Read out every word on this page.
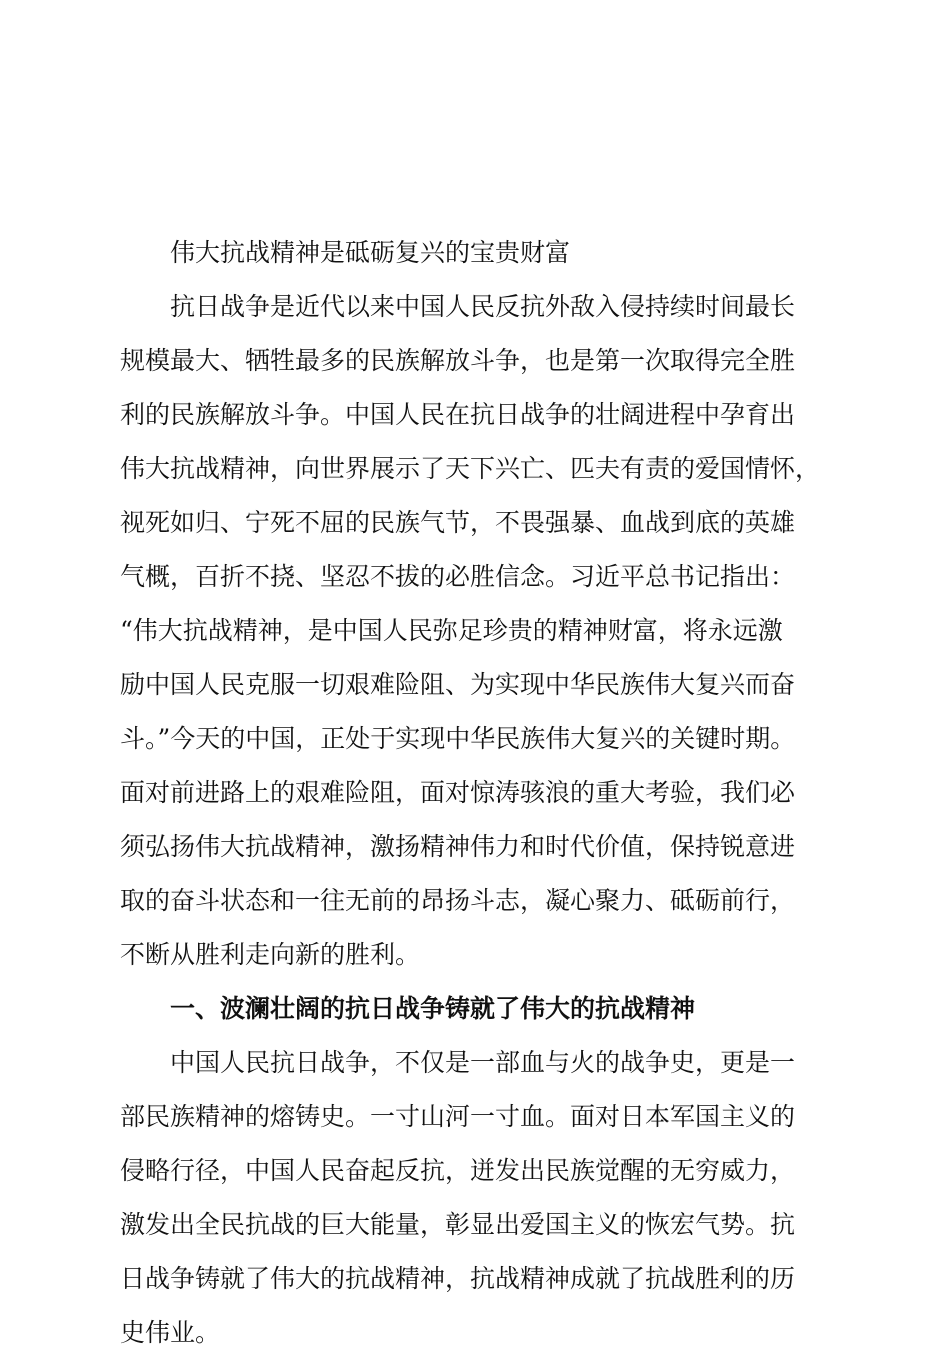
伟大抗战精神是砥砺复兴的宝贵财富
抗日战争是近代以来中国人民反抗外敌入侵持续时间最长
规模最大、牺牲最多的民族解放斗争，也是第一次取得完全胜
利的民族解放斗争。中国人民在抗日战争的壮阔进程中孕育出
伟大抗战精神，向世界展示了天下兴亡、匹夫有责的爱国情怀，
视死如归、宁死不屈的民族气节，不畏强暴、血战到底的英雄
气概，百折不挠、坚忍不拔的必胜信念。习近平总书记指出：
“伟大抗战精神，是中国人民弥足珍贵的精神财富，将永远激
励中国人民克服一切艰难险阻、为实现中华民族伟大复兴而奋
斗。”今天的中国，正处于实现中华民族伟大复兴的关键时期。
面对前进路上的艰难险阻，面对惊涛骇浪的重大考验，我们必
须弘扬伟大抗战精神，激扬精神伟力和时代价值，保持锐意进
取的奋斗状态和一往无前的昂扬斗志，凝心聚力、砥砺前行，
不断从胜利走向新的胜利。
一、波澜壮阔的抗日战争铸就了伟大的抗战精神
中国人民抗日战争，不仅是一部血与火的战争史，更是一
部民族精神的熔铸史。一寸山河一寸血。面对日本军国主义的
侵略行径，中国人民奋起反抗，迸发出民族觉醒的无穷威力，
激发出全民抗战的巨大能量，彰显出爱国主义的恢宏气势。抗
日战争铸就了伟大的抗战精神，抗战精神成就了抗战胜利的历
史伟业。
